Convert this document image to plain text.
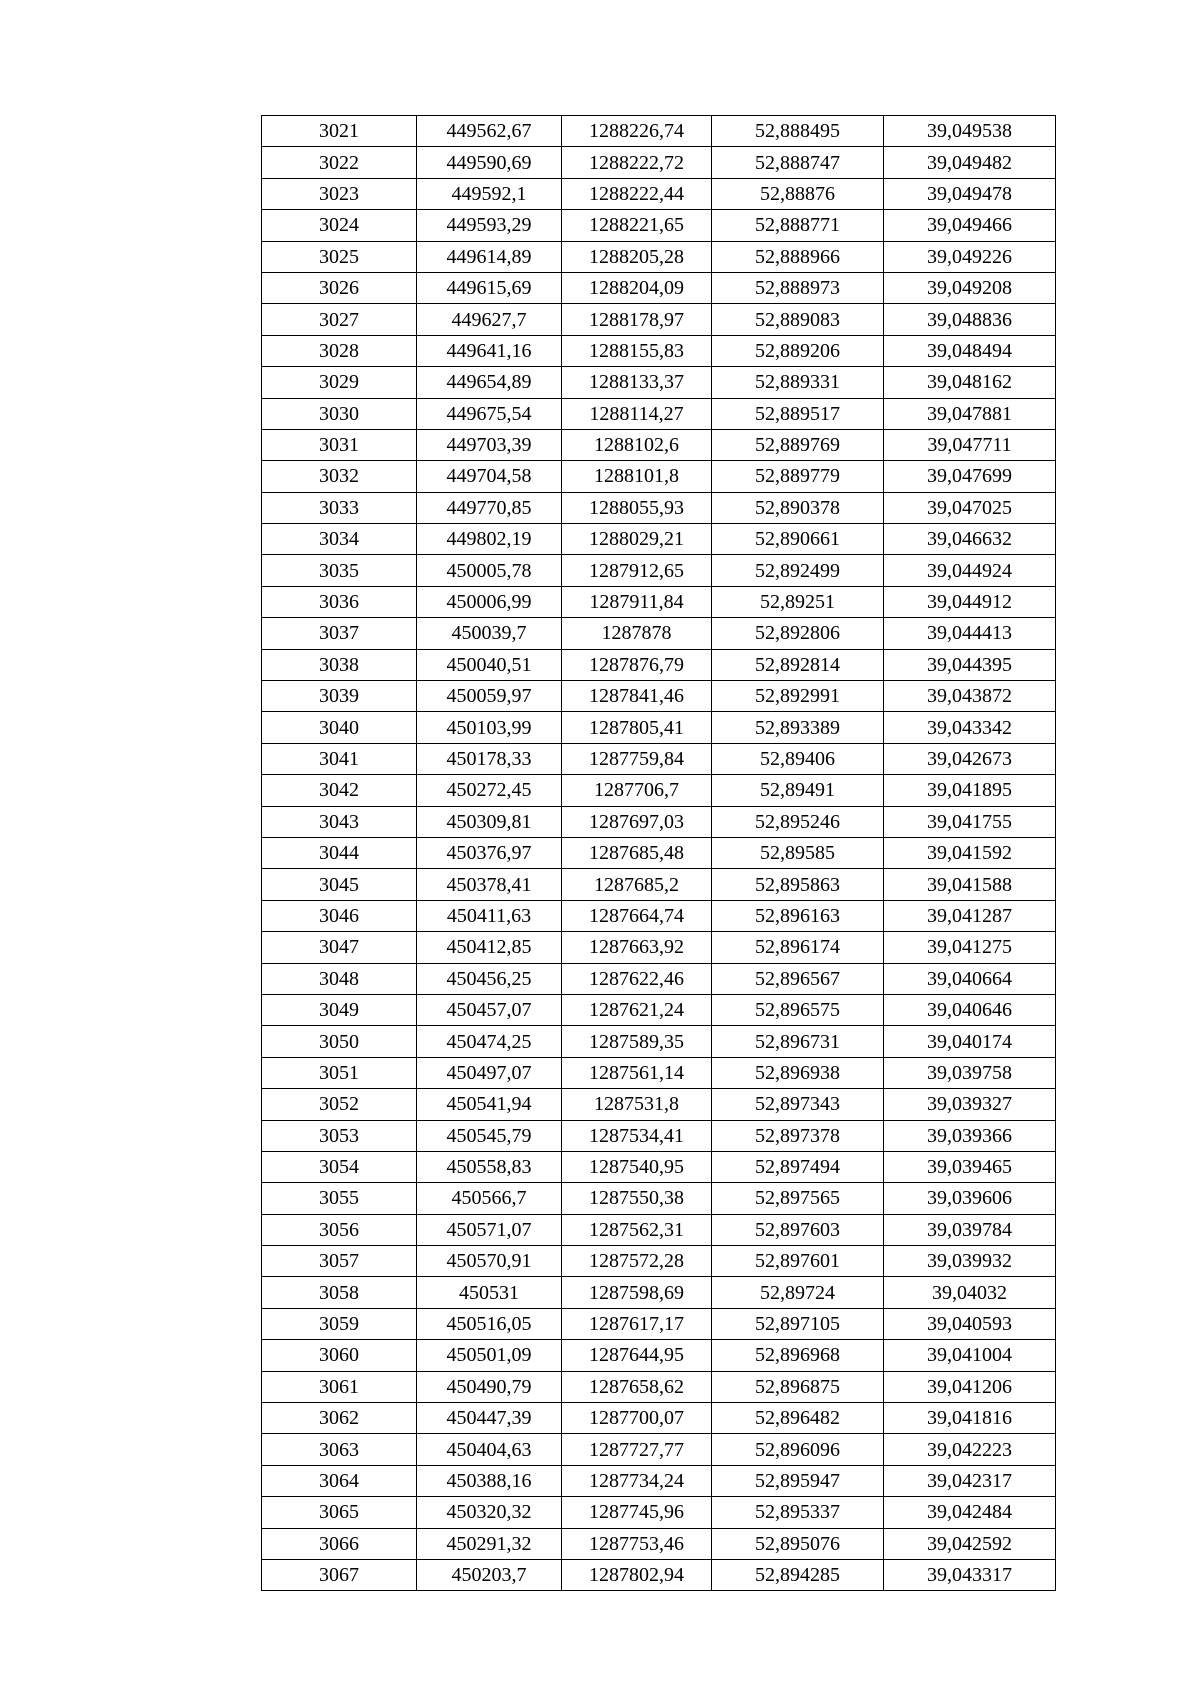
3021	449562,67	1288226,74	52,888495	39,049538
3022	449590,69	1288222,72	52,888747	39,049482
3023	449592,1	1288222,44	52,88876	39,049478
3024	449593,29	1288221,65	52,888771	39,049466
3025	449614,89	1288205,28	52,888966	39,049226
3026	449615,69	1288204,09	52,888973	39,049208
3027	449627,7	1288178,97	52,889083	39,048836
3028	449641,16	1288155,83	52,889206	39,048494
3029	449654,89	1288133,37	52,889331	39,048162
3030	449675,54	1288114,27	52,889517	39,047881
3031	449703,39	1288102,6	52,889769	39,047711
3032	449704,58	1288101,8	52,889779	39,047699
3033	449770,85	1288055,93	52,890378	39,047025
3034	449802,19	1288029,21	52,890661	39,046632
3035	450005,78	1287912,65	52,892499	39,044924
3036	450006,99	1287911,84	52,89251	39,044912
3037	450039,7	1287878	52,892806	39,044413
3038	450040,51	1287876,79	52,892814	39,044395
3039	450059,97	1287841,46	52,892991	39,043872
3040	450103,99	1287805,41	52,893389	39,043342
3041	450178,33	1287759,84	52,89406	39,042673
3042	450272,45	1287706,7	52,89491	39,041895
3043	450309,81	1287697,03	52,895246	39,041755
3044	450376,97	1287685,48	52,89585	39,041592
3045	450378,41	1287685,2	52,895863	39,041588
3046	450411,63	1287664,74	52,896163	39,041287
3047	450412,85	1287663,92	52,896174	39,041275
3048	450456,25	1287622,46	52,896567	39,040664
3049	450457,07	1287621,24	52,896575	39,040646
3050	450474,25	1287589,35	52,896731	39,040174
3051	450497,07	1287561,14	52,896938	39,039758
3052	450541,94	1287531,8	52,897343	39,039327
3053	450545,79	1287534,41	52,897378	39,039366
3054	450558,83	1287540,95	52,897494	39,039465
3055	450566,7	1287550,38	52,897565	39,039606
3056	450571,07	1287562,31	52,897603	39,039784
3057	450570,91	1287572,28	52,897601	39,039932
3058	450531	1287598,69	52,89724	39,04032
3059	450516,05	1287617,17	52,897105	39,040593
3060	450501,09	1287644,95	52,896968	39,041004
3061	450490,79	1287658,62	52,896875	39,041206
3062	450447,39	1287700,07	52,896482	39,041816
3063	450404,63	1287727,77	52,896096	39,042223
3064	450388,16	1287734,24	52,895947	39,042317
3065	450320,32	1287745,96	52,895337	39,042484
3066	450291,32	1287753,46	52,895076	39,042592
3067	450203,7	1287802,94	52,894285	39,043317
